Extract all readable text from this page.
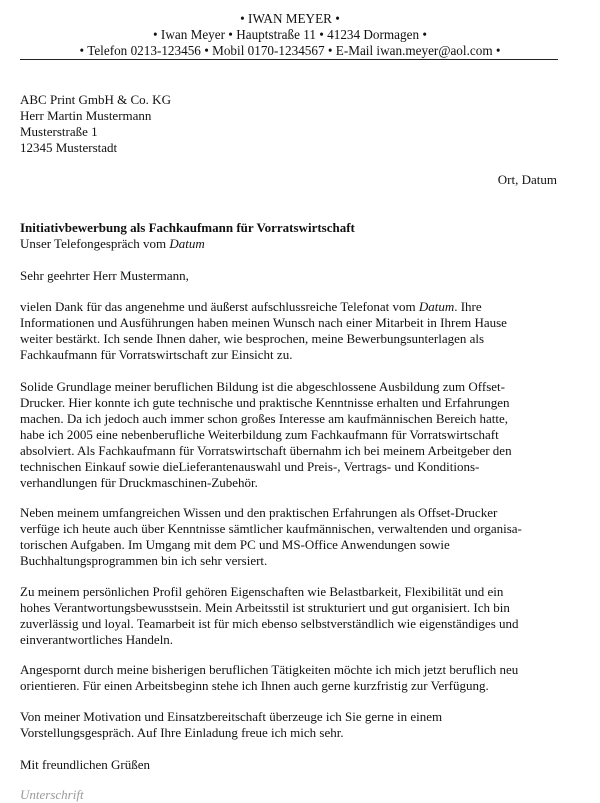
• IWAN MEYER •
• Iwan Meyer • Hauptstraße 11 • 41234 Dormagen •
• Telefon 0213-123456 • Mobil 0170-1234567 • E-Mail iwan.meyer@aol.com •
ABC Print GmbH & Co. KG
Herr Martin Mustermann
Musterstraße 1
12345 Musterstadt
Ort, Datum
Initiativbewerbung als Fachkaufmann für Vorratswirtschaft
Unser Telefongespräch vom Datum
Sehr geehrter Herr Mustermann,
vielen Dank für das angenehme und äußerst aufschlussreiche Telefonat vom Datum. Ihre
Informationen und Ausführungen haben meinen Wunsch nach einer Mitarbeit in Ihrem Hause
weiter bestärkt. Ich sende Ihnen daher, wie besprochen, meine Bewerbungsunterlagen als
Fachkaufmann für Vorratswirtschaft zur Einsicht zu.
Solide Grundlage meiner beruflichen Bildung ist die abgeschlossene Ausbildung zum Offset-
Drucker. Hier konnte ich gute technische und praktische Kenntnisse erhalten und Erfahrungen
machen. Da ich jedoch auch immer schon großes Interesse am kaufmännischen Bereich hatte,
habe ich 2005 eine nebenberufliche Weiterbildung zum Fachkaufmann für Vorratswirtschaft
absolviert. Als Fachkaufmann für Vorratswirtschaft übernahm ich bei meinem Arbeitgeber den
technischen Einkauf sowie dieLieferantenauswahl und Preis-, Vertrags- und Konditions-
verhandlungen für Druckmaschinen-Zubehör.
Neben meinem umfangreichen Wissen und den praktischen Erfahrungen als Offset-Drucker
verfüge ich heute auch über Kenntnisse sämtlicher kaufmännischen, verwaltenden und organisa-
torischen Aufgaben. Im Umgang mit dem PC und MS-Office Anwendungen sowie
Buchhaltungsprogrammen bin ich sehr versiert.
Zu meinem persönlichen Profil gehören Eigenschaften wie Belastbarkeit, Flexibilität und ein
hohes Verantwortungsbewusstsein. Mein Arbeitsstil ist strukturiert und gut organisiert. Ich bin
zuverlässig und loyal. Teamarbeit ist für mich ebenso selbstverständlich wie eigenständiges und
einverantwortliches Handeln.
Angespornt durch meine bisherigen beruflichen Tätigkeiten möchte ich mich jetzt beruflich neu
orientieren. Für einen Arbeitsbeginn stehe ich Ihnen auch gerne kurzfristig zur Verfügung.
Von meiner Motivation und Einsatzbereitschaft überzeuge ich Sie gerne in einem
Vorstellungsgespräch. Auf Ihre Einladung freue ich mich sehr.
Mit freundlichen Grüßen
Unterschrift
